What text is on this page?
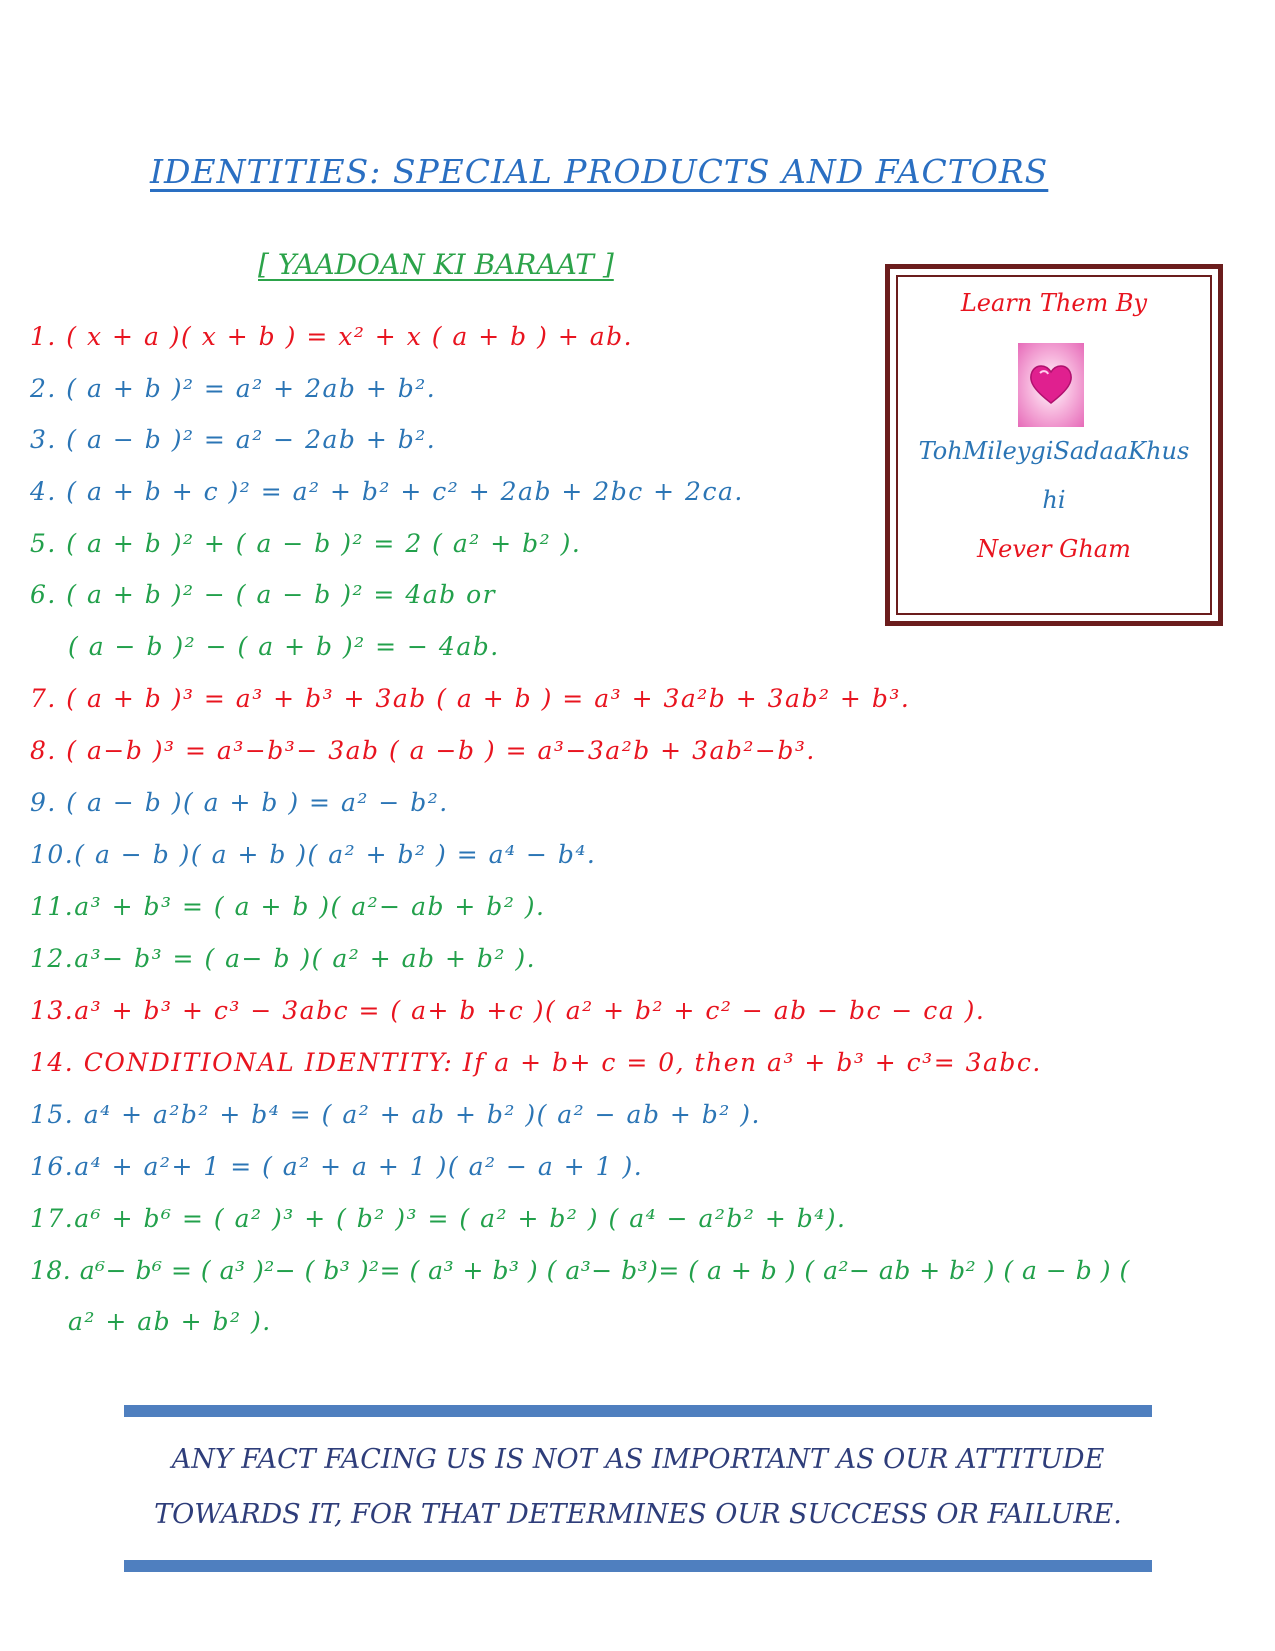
IDENTITIES: SPECIAL PRODUCTS AND FACTORS
[ YAADOAN KI BARAAT ]
Learn Them By
TohMileygiSadaaKhus
hi
Never Gham
1. ( x + a )( x + b ) = x² + x ( a + b ) + ab.
2. ( a + b )² = a² + 2ab + b².
3. ( a − b )² = a² − 2ab + b².
4. ( a + b + c )² = a² + b² + c² + 2ab + 2bc + 2ca.
5. ( a + b )² + ( a − b )² = 2 ( a² + b² ).
6. ( a + b )² − ( a − b )² = 4ab or
( a − b )² − ( a + b )² = − 4ab.
7. ( a + b )³ = a³ + b³ + 3ab ( a + b ) = a³ + 3a²b + 3ab² + b³.
8. ( a−b )³ = a³−b³− 3ab ( a −b ) = a³−3a²b + 3ab²−b³.
9. ( a − b )( a + b ) = a² − b².
10.( a − b )( a + b )( a² + b² ) = a⁴ − b⁴.
11.a³ + b³ = ( a + b )( a²− ab + b² ).
12.a³− b³ = ( a− b )( a² + ab + b² ).
13.a³ + b³ + c³ − 3abc = ( a+ b +c )( a² + b² + c² − ab − bc − ca ).
14. CONDITIONAL IDENTITY: If a + b+ c = 0, then a³ + b³ + c³= 3abc.
15. a⁴ + a²b² + b⁴ = ( a² + ab + b² )( a² − ab + b² ).
16.a⁴ + a²+ 1 = ( a² + a + 1 )( a² − a + 1 ).
17.a⁶ + b⁶ = ( a² )³ + ( b² )³ = ( a² + b² ) ( a⁴ − a²b² + b⁴).
18. a⁶− b⁶ = ( a³ )²− ( b³ )²= ( a³ + b³ ) ( a³− b³)= ( a + b ) ( a²− ab + b² ) ( a − b ) (
a² + ab + b² ).
ANY FACT FACING US IS NOT AS IMPORTANT AS OUR ATTITUDE
TOWARDS IT, FOR THAT DETERMINES OUR SUCCESS OR FAILURE.
